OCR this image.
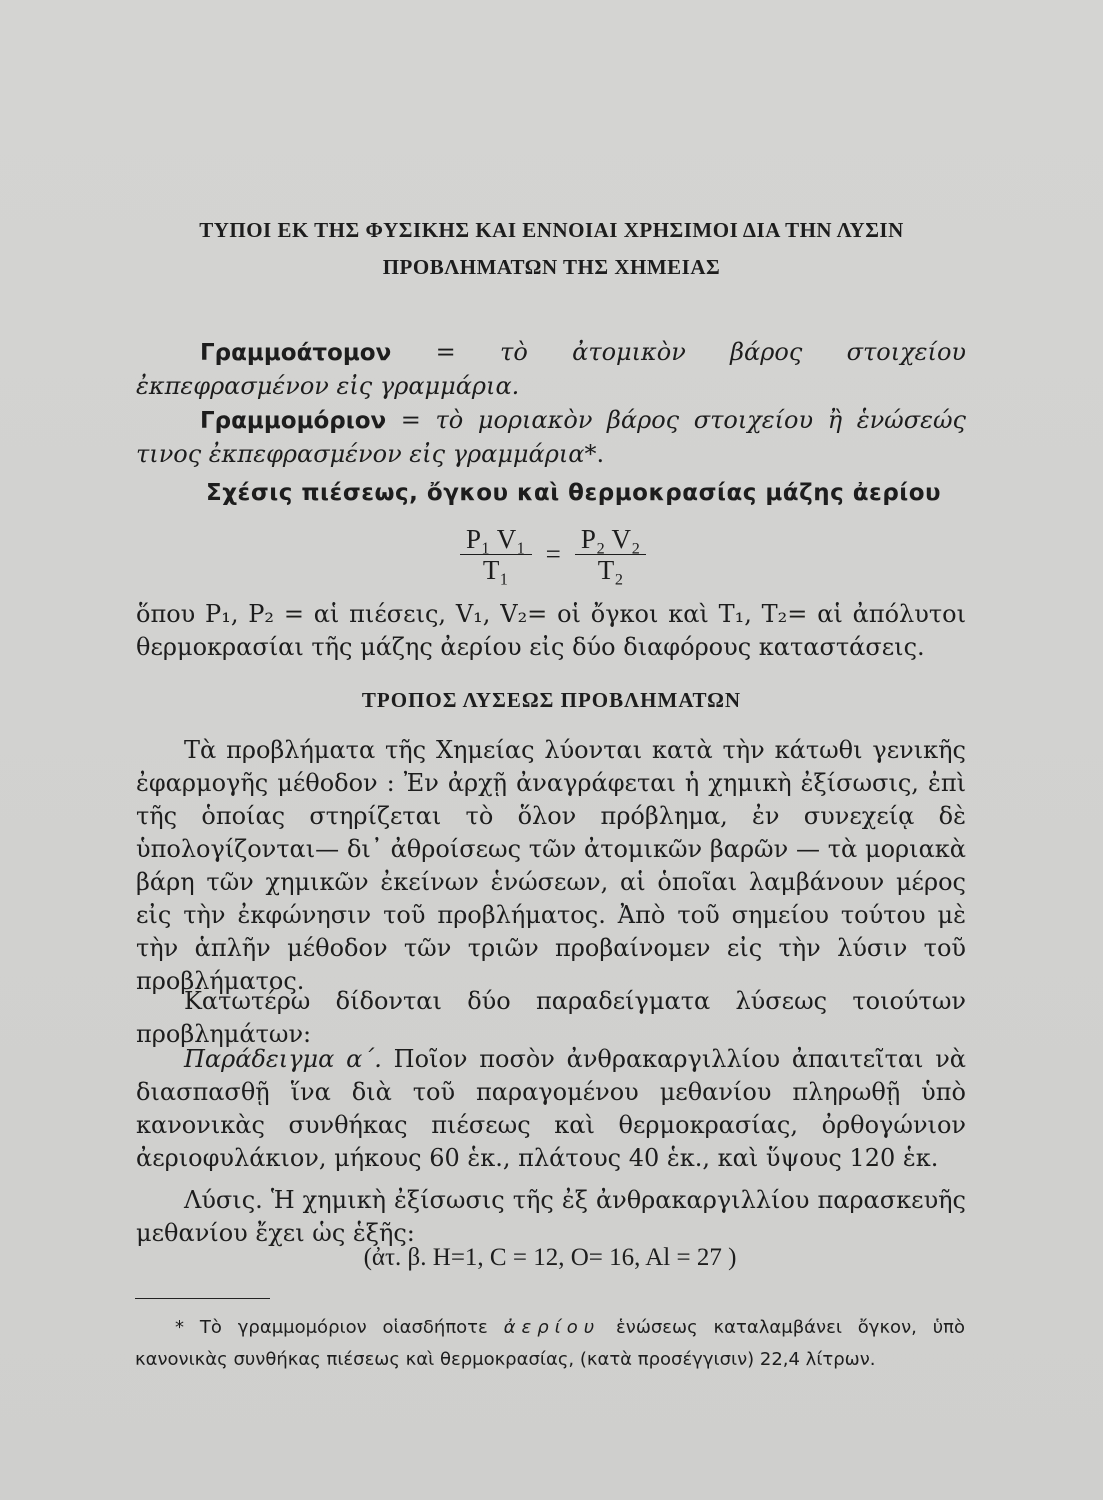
ΤΥΠΟΙ ΕΚ ΤΗΣ ΦΥΣΙΚΗΣ ΚΑΙ ΕΝΝΟΙΑΙ ΧΡΗΣΙΜΟΙ ΔΙΑ ΤΗΝ ΛΥΣΙΝ
ΠΡΟΒΛΗΜΑΤΩΝ ΤΗΣ ΧΗΜΕΙΑΣ
Γραμμοάτομον = τὸ ἀτομικὸν βάρος στοιχείου ἐκπεφρασμένον εἰς γραμμάρια.
Γραμμομόριον = τὸ μοριακὸν βάρος στοιχείου ἢ ἑνώσεώς τινος ἐκπεφρασμένον εἰς γραμμάρια*.
Σχέσις πιέσεως, ὄγκου καὶ θερμοκρασίας μάζης ἀερίου
$\frac{\text{P₁ V₁}}{\text{T₁}} = \frac{\text{P₂ V₂}}{\text{T₂}}$
ὅπου P₁, P₂ = αἱ πιέσεις, V₁, V₂= οἱ ὄγκοι καὶ T₁, T₂= αἱ ἀπόλυτοι θερμοκρασίαι τῆς μάζης ἀερίου εἰς δύο διαφόρους καταστάσεις.
ΤΡΟΠΟΣ ΛΥΣΕΩΣ ΠΡΟΒΛΗΜΑΤΩΝ
Τὰ προβλήματα τῆς Χημείας λύονται κατὰ τὴν κάτωθι γενικῆς ἐφαρμογῆς μέθοδον : Ἐν ἀρχῇ ἀναγράφεται ἡ χημικὴ ἐξίσωσις, ἐπὶ τῆς ὁποίας στηρίζεται τὸ ὅλον πρόβλημα, ἐν συνεχείᾳ δὲ ὑπολογίζονται— δι᾽ ἀθροίσεως τῶν ἀτομικῶν βαρῶν — τὰ μοριακὰ βάρη τῶν χημικῶν ἐκείνων ἑνώσεων, αἱ ὁποῖαι λαμβάνουν μέρος εἰς τὴν ἐκφώνησιν τοῦ προβλήματος. Ἀπὸ τοῦ σημείου τούτου μὲ τὴν ἁπλῆν μέθοδον τῶν τριῶν προβαίνομεν εἰς τὴν λύσιν τοῦ προβλήματος.
Κατωτέρω δίδονται δύο παραδείγματα λύσεως τοιούτων προβλημάτων:
Παράδειγμα α΄. Ποῖον ποσὸν ἀνθρακαργιλλίου ἀπαιτεῖται νὰ διασπασθῇ ἵνα διὰ τοῦ παραγομένου μεθανίου πληρωθῇ ὑπὸ κανονικὰς συνθήκας πιέσεως καὶ θερμοκρασίας, ὀρθογώνιον ἀεριοφυλάκιον, μήκους 60 ἑκ., πλάτους 40 ἑκ., καὶ ὕψους 120 ἑκ.
Λύσις. Ἡ χημικὴ ἐξίσωσις τῆς ἐξ ἀνθρακαργιλλίου παρασκευῆς μεθανίου ἔχει ὡς ἑξῆς:
(ἀτ. β. H=1, C = 12, O= 16, Al = 27 )
* Τὸ γραμμομόριον οἱασδήποτε ἀερίου ἑνώσεως καταλαμβάνει ὄγκον, ὑπὸ κανονικὰς συνθήκας πιέσεως καὶ θερμοκρασίας, (κατὰ προσέγγισιν) 22,4 λίτρων.
